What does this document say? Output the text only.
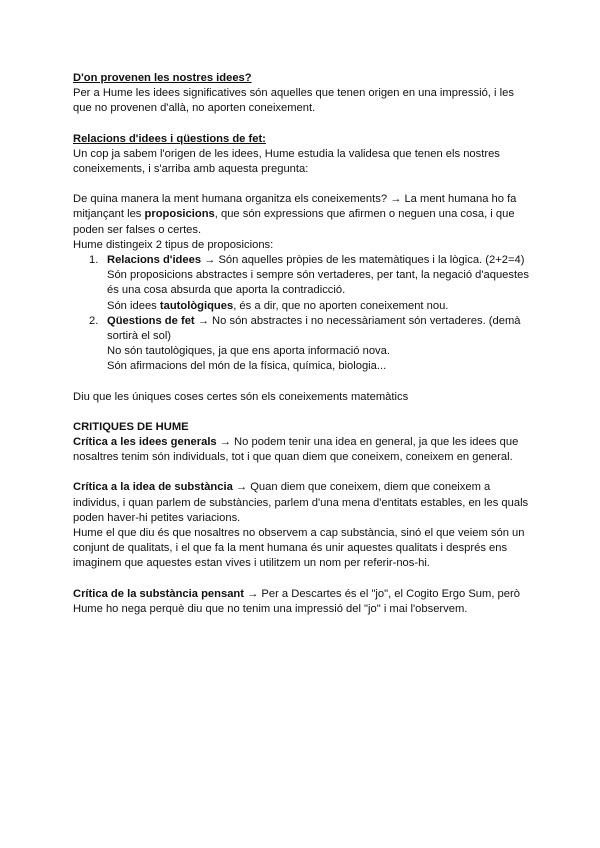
D'on provenen les nostres idees?

Per a Hume les idees significatives són aquelles que tenen origen en una impressió, i les que no provenen d'allà, no aporten coneixement.

Relacions d'idees i qüestions de fet:

Un cop ja sabem l'origen de les idees, Hume estudia la validesa que tenen els nostres coneixements, i s'arriba amb aquesta pregunta:

De quina manera la ment humana organitza els coneixements? → La ment humana ho fa mitjançant les proposicions, que són expressions que afirmen o neguen una cosa, i que poden ser falses o certes.

Hume distingeix 2 tipus de proposicions:

1. Relacions d'idees → Són aquelles pròpies de les matemàtiques i la lògica. (2+2=4)

Són proposicions abstractes i sempre són vertaderes, per tant, la negació d'aquestes és una cosa absurda que aporta la contradicció.

Són idees tautològiques, és a dir, que no aporten coneixement nou.

2. Qüestions de fet → No són abstractes i no necessàriament són vertaderes. (demà sortirà el sol)

No són tautològiques, ja que ens aporta informació nova.

Són afirmacions del món de la física, química, biologia...

Diu que les úniques coses certes són els coneixements matemàtics

CRITIQUES DE HUME

Crítica a les idees generals → No podem tenir una idea en general, ja que les idees que nosaltres tenim són individuals, tot i que quan diem que coneixem, coneixem en general.

Crítica a la idea de substància → Quan diem que coneixem, diem que coneixem a individus, i quan parlem de substàncies, parlem d'una mena d'entitats estables, en les quals poden haver-hi petites variacions.

Hume el que diu és que nosaltres no observem a cap substància, sinó el que veiem són un conjunt de qualitats, i el que fa la ment humana és unir aquestes qualitats i després ens imaginem que aquestes estan vives i utilitzem un nom per referir-nos-hi.

Crítica de la substància pensant → Per a Descartes és el "jo", el Cogito Ergo Sum, però Hume ho nega perquè diu que no tenim una impressió del "jo" i mai l'observem.
